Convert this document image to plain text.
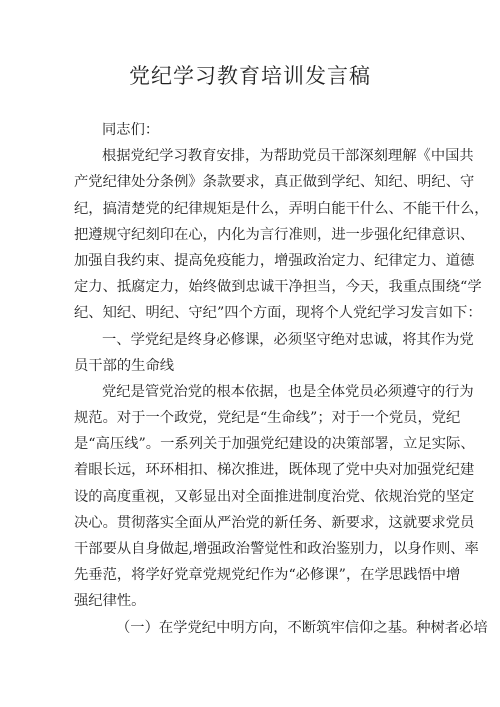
党纪学习教育培训发言稿
同志们：
根据党纪学习教育安排，为帮助党员干部深刻理解《中国共
产党纪律处分条例》条款要求，真正做到学纪、知纪、明纪、守
纪，搞清楚党的纪律规矩是什么，弄明白能干什么、不能干什么，
把遵规守纪刻印在心，内化为言行准则，进一步强化纪律意识、
加强自我约束、提高免疫能力，增强政治定力、纪律定力、道德
定力、抵腐定力，始终做到忠诚干净担当，今天，我重点围绕“学
纪、知纪、明纪、守纪”四个方面，现将个人党纪学习发言如下：
一、学党纪是终身必修课，必须坚守绝对忠诚，将其作为党
员干部的生命线
党纪是管党治党的根本依据，也是全体党员必须遵守的行为
规范。对于一个政党，党纪是“生命线”；对于一个党员，党纪
是“高压线”。一系列关于加强党纪建设的决策部署，立足实际、
着眼长远，环环相扣、梯次推进，既体现了党中央对加强党纪建
设的高度重视，又彰显出对全面推进制度治党、依规治党的坚定
决心。贯彻落实全面从严治党的新任务、新要求，这就要求党员
干部要从自身做起,增强政治警觉性和政治鉴别力，以身作则、率
先垂范，将学好党章党规党纪作为“必修课”，在学思践悟中增
强纪律性。
（一）在学党纪中明方向，不断筑牢信仰之基。种树者必培
